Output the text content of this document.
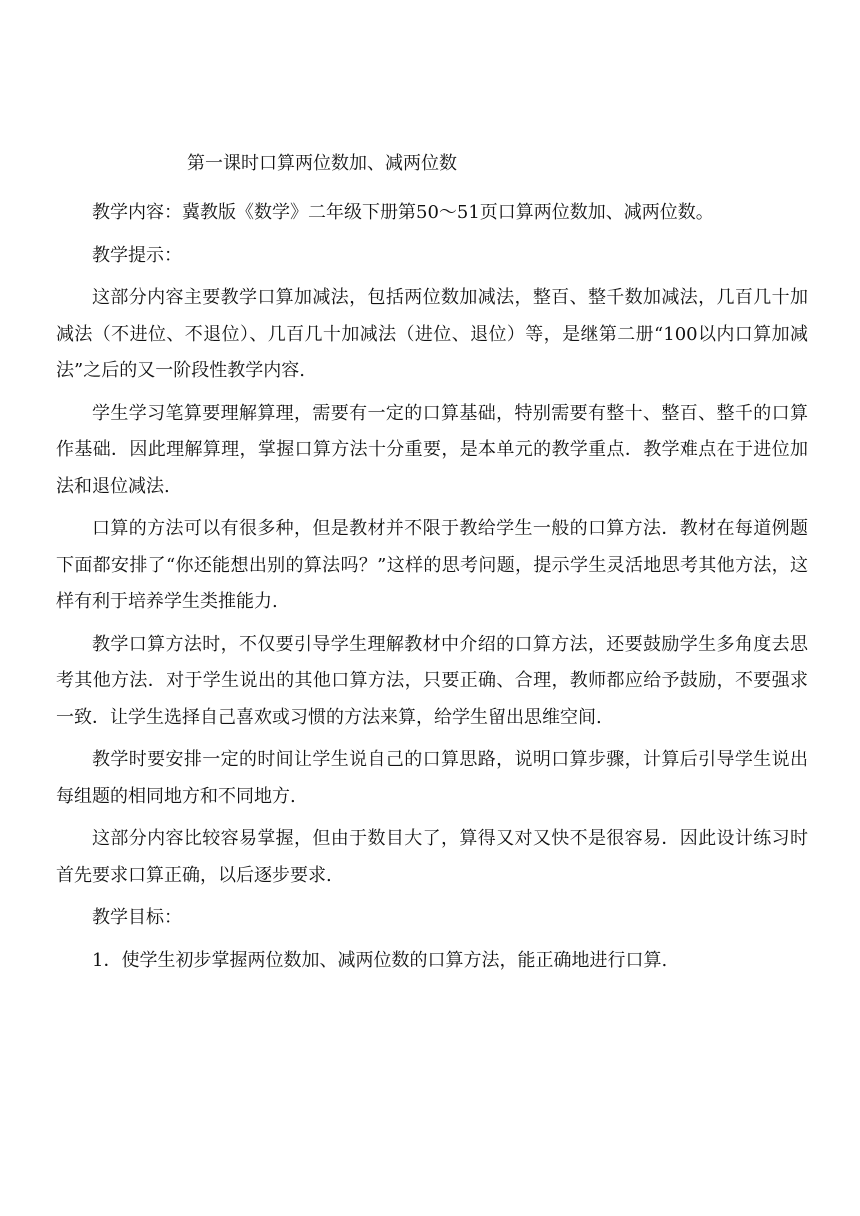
第一课时口算两位数加、减两位数

教学内容：冀教版《数学》二年级下册第50～51页口算两位数加、减两位数。

教学提示：

这部分内容主要教学口算加减法，包括两位数加减法，整百、整千数加减法，几百几十加减法（不进位、不退位）、几百几十加减法（进位、退位）等，是继第二册“100以内口算加减法”之后的又一阶段性教学内容.

学生学习笔算要理解算理，需要有一定的口算基础，特别需要有整十、整百、整千的口算作基础．因此理解算理，掌握口算方法十分重要，是本单元的教学重点．教学难点在于进位加法和退位减法.

口算的方法可以有很多种，但是教材并不限于教给学生一般的口算方法．教材在每道例题下面都安排了“你还能想出别的算法吗？”这样的思考问题，提示学生灵活地思考其他方法，这样有利于培养学生类推能力.

教学口算方法时，不仅要引导学生理解教材中介绍的口算方法，还要鼓励学生多角度去思考其他方法．对于学生说出的其他口算方法，只要正确、合理，教师都应给予鼓励，不要强求一致．让学生选择自己喜欢或习惯的方法来算，给学生留出思维空间.

教学时要安排一定的时间让学生说自己的口算思路，说明口算步骤，计算后引导学生说出每组题的相同地方和不同地方.

这部分内容比较容易掌握，但由于数目大了，算得又对又快不是很容易．因此设计练习时首先要求口算正确，以后逐步要求.

教学目标：

1．使学生初步掌握两位数加、减两位数的口算方法，能正确地进行口算.
